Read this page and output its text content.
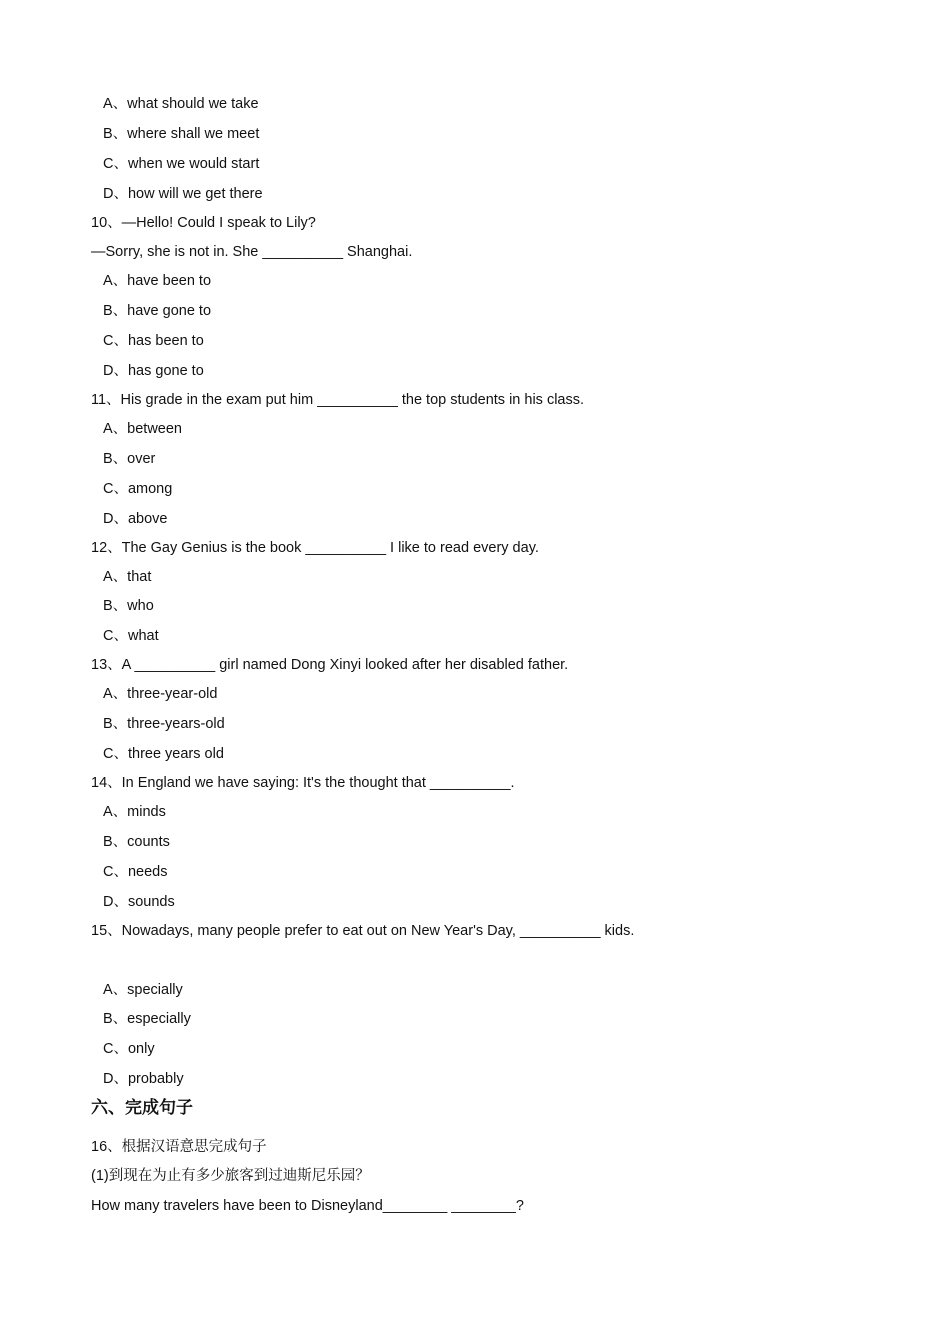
A、what should we take
B、where shall we meet
C、when we would start
D、how will we get there
10、—Hello! Could I speak to Lily?
—Sorry, she is not in. She __________ Shanghai.
A、have been to
B、have gone to
C、has been to
D、has gone to
11、His grade in the exam put him __________ the top students in his class.
A、between
B、over
C、among
D、above
12、The Gay Genius is the book __________ I like to read every day.
A、that
B、who
C、what
13、A __________ girl named Dong Xinyi looked after her disabled father.
A、three-year-old
B、three-years-old
C、three years old
14、In England we have saying: It's the thought that __________.
A、minds
B、counts
C、needs
D、sounds
15、Nowadays, many people prefer to eat out on New Year's Day, __________ kids.
A、specially
B、especially
C、only
D、probably
六、完成句子
16、根据汉语意思完成句子
(1)到现在为止有多少旅客到过迪斯尼乐园？
How many travelers have been to Disneyland________ ________?
